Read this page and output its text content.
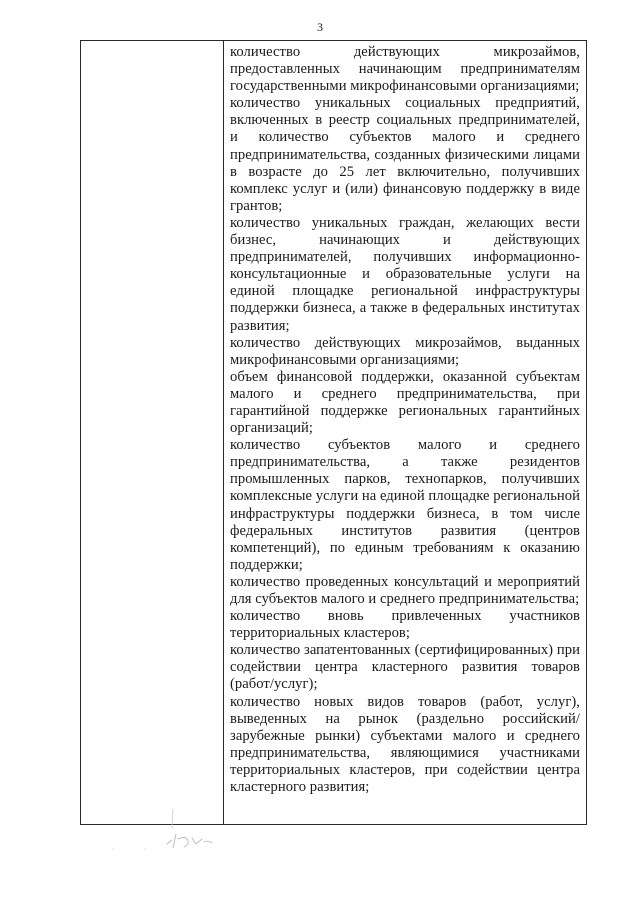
3

количество действующих микрозаймов, предоставленных начинающим предпринимателям государственными микрофинансовыми организациями;

количество уникальных социальных предприятий, включенных в реестр социальных предпринимателей, и количество субъектов малого и среднего предпринимательства, созданных физическими лицами в возрасте до 25 лет включительно, получивших комплекс услуг и (или) финансовую поддержку в виде грантов;

количество уникальных граждан, желающих вести бизнес, начинающих и действующих предпринимателей, получивших информационно-консультационные и образовательные услуги на единой площадке региональной инфраструктуры поддержки бизнеса, а также в федеральных институтах развития;

количество действующих микрозаймов, выданных микрофинансовыми организациями;

объем финансовой поддержки, оказанной субъектам малого и среднего предпринимательства, при гарантийной поддержке региональных гарантийных организаций;

количество субъектов малого и среднего предпринимательства, а также резидентов промышленных парков, технопарков, получивших комплексные услуги на единой площадке региональной инфраструктуры поддержки бизнеса, в том числе федеральных институтов развития (центров компетенций), по единым требованиям к оказанию поддержки;

количество проведенных консультаций и мероприятий для субъектов малого и среднего предпринимательства;

количество вновь привлеченных участников территориальных кластеров;

количество запатентованных (сертифицированных) при содействии центра кластерного развития товаров (работ/услуг);

количество новых видов товаров (работ, услуг), выведенных на рынок (раздельно российский/зарубежные рынки) субъектами малого и среднего предпринимательства, являющимися участниками территориальных кластеров, при содействии центра кластерного развития;
